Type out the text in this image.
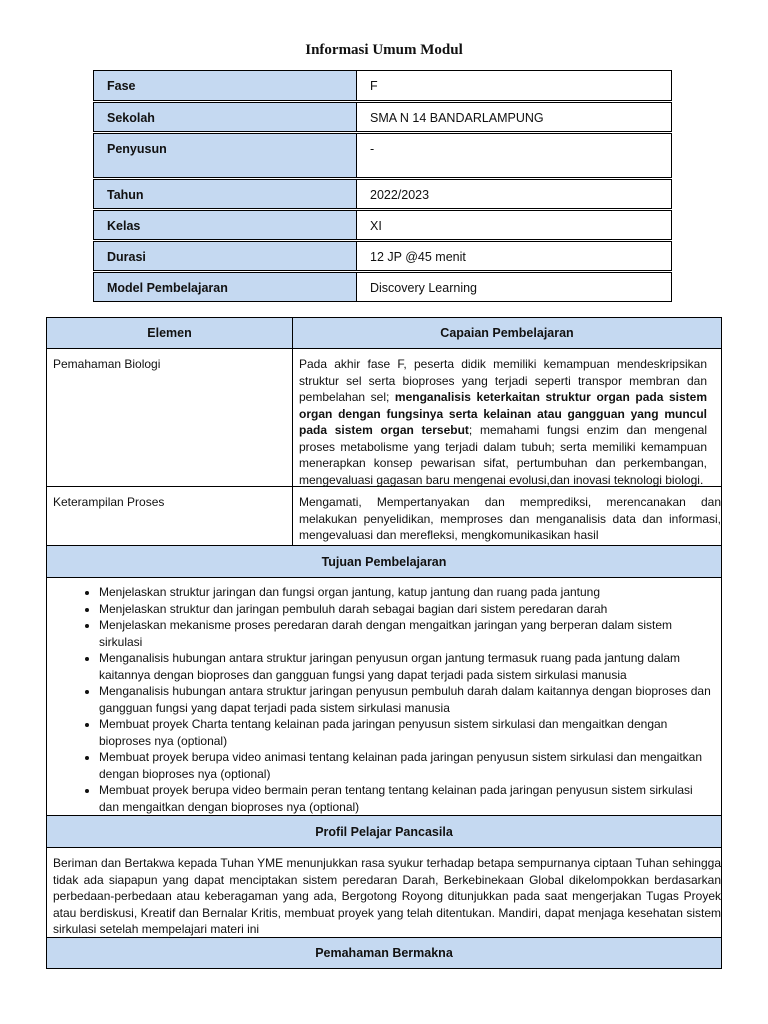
Informasi Umum Modul
Fase	F
Sekolah	SMA N 14 BANDARLAMPUNG
Penyusun	-
Tahun	2022/2023
Kelas	XI
Durasi	12 JP @45 menit
Model Pembelajaran	Discovery Learning
Elemen	Capaian Pembelajaran
Pemahaman Biologi	Pada akhir fase F, peserta didik memiliki kemampuan mendeskripsikan struktur sel serta bioproses yang terjadi seperti transpor membran dan pembelahan sel; menganalisis keterkaitan struktur organ pada sistem organ dengan fungsinya serta kelainan atau gangguan yang muncul pada sistem organ tersebut; memahami fungsi enzim dan mengenal proses metabolisme yang terjadi dalam tubuh; serta memiliki kemampuan menerapkan konsep pewarisan sifat, pertumbuhan dan perkembangan, mengevaluasi gagasan baru mengenai evolusi,dan inovasi teknologi biologi.
Keterampilan Proses	Mengamati, Mempertanyakan dan memprediksi, merencanakan dan melakukan penyelidikan, memproses dan menganalisis data dan informasi, mengevaluasi dan merefleksi, mengkomunikasikan hasil
Tujuan Pembelajaran
• Menjelaskan struktur jaringan dan fungsi organ jantung, katup jantung dan ruang pada jantung
• Menjelaskan struktur dan jaringan pembuluh darah sebagai bagian dari sistem peredaran darah
• Menjelaskan mekanisme proses peredaran darah dengan mengaitkan jaringan yang berperan dalam sistem sirkulasi
• Menganalisis hubungan antara struktur jaringan penyusun organ jantung termasuk ruang pada jantung dalam kaitannya dengan bioproses dan gangguan fungsi yang dapat terjadi pada sistem sirkulasi manusia
• Menganalisis hubungan antara struktur jaringan penyusun pembuluh darah dalam kaitannya dengan bioproses dan gangguan fungsi yang dapat terjadi pada sistem sirkulasi manusia
• Membuat proyek Charta tentang kelainan pada jaringan penyusun sistem sirkulasi dan mengaitkan dengan bioproses nya (optional)
• Membuat proyek berupa video animasi tentang kelainan pada jaringan penyusun sistem sirkulasi dan mengaitkan dengan bioproses nya (optional)
• Membuat proyek berupa video bermain peran tentang tentang kelainan pada jaringan penyusun sistem sirkulasi dan mengaitkan dengan bioproses nya (optional)
Profil Pelajar Pancasila
Beriman dan Bertakwa kepada Tuhan YME menunjukkan rasa syukur terhadap betapa sempurnanya ciptaan Tuhan sehingga tidak ada siapapun yang dapat menciptakan sistem peredaran Darah, Berkebinekaan Global dikelompokkan berdasarkan perbedaan-perbedaan atau keberagaman yang ada, Bergotong Royong ditunjukkan pada saat mengerjakan Tugas Proyek atau berdiskusi, Kreatif dan Bernalar Kritis, membuat proyek yang telah ditentukan. Mandiri, dapat menjaga kesehatan sistem sirkulasi setelah mempelajari materi ini
Pemahaman Bermakna
